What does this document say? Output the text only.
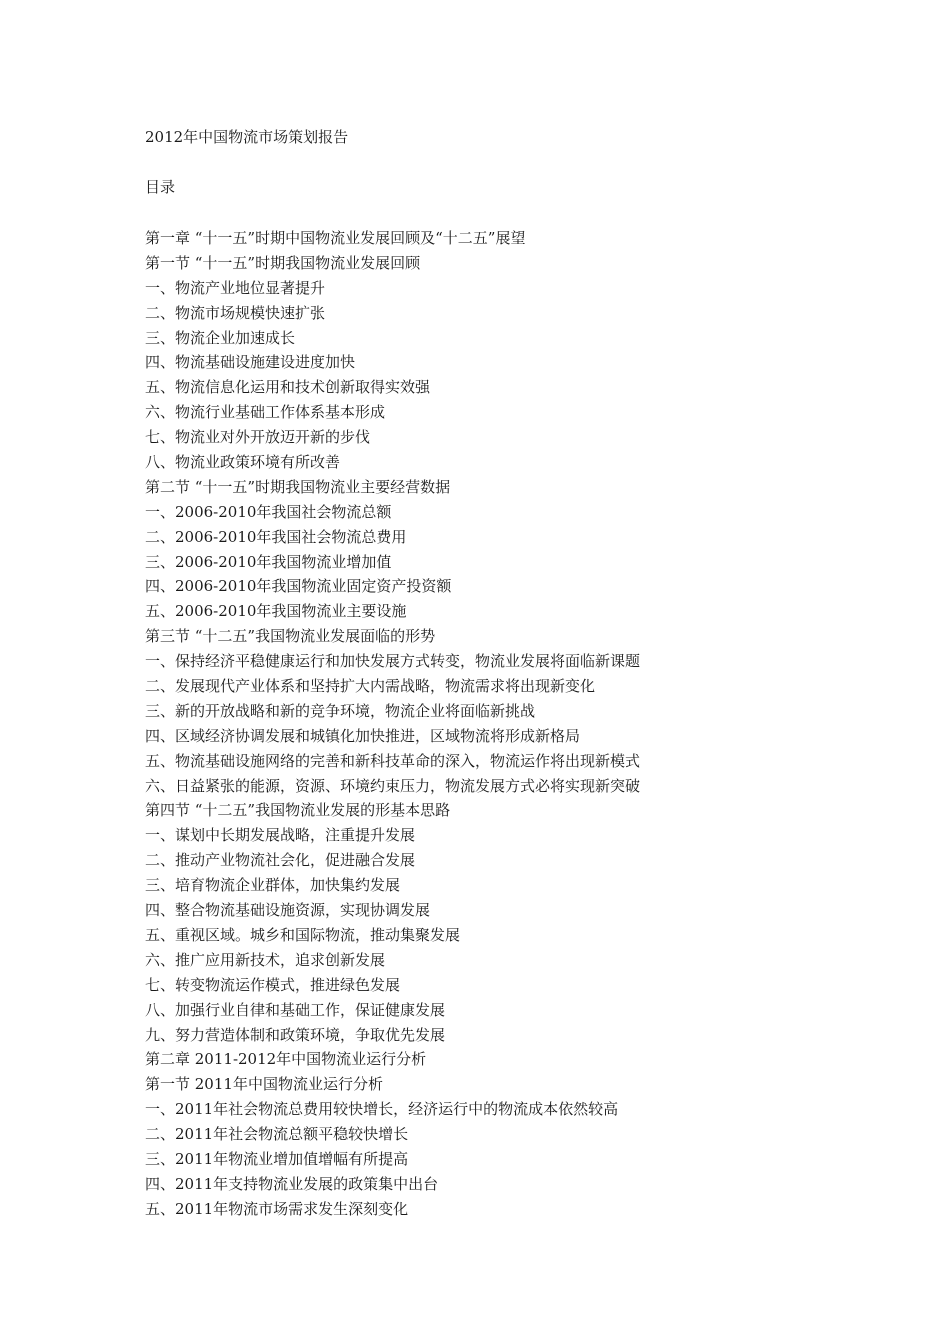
2012年中国物流市场策划报告
目录
第一章 “十一五”时期中国物流业发展回顾及“十二五”展望
第一节 “十一五”时期我国物流业发展回顾
一、物流产业地位显著提升
二、物流市场规模快速扩张
三、物流企业加速成长
四、物流基础设施建设进度加快
五、物流信息化运用和技术创新取得实效强
六、物流行业基础工作体系基本形成
七、物流业对外开放迈开新的步伐
八、物流业政策环境有所改善
第二节 “十一五”时期我国物流业主要经营数据
一、2006-2010年我国社会物流总额
二、2006-2010年我国社会物流总费用
三、2006-2010年我国物流业增加值
四、2006-2010年我国物流业固定资产投资额
五、2006-2010年我国物流业主要设施
第三节 “十二五”我国物流业发展面临的形势
一、保持经济平稳健康运行和加快发展方式转变，物流业发展将面临新课题
二、发展现代产业体系和坚持扩大内需战略，物流需求将出现新变化
三、新的开放战略和新的竞争环境，物流企业将面临新挑战
四、区域经济协调发展和城镇化加快推进，区域物流将形成新格局
五、物流基础设施网络的完善和新科技革命的深入，物流运作将出现新模式
六、日益紧张的能源，资源、环境约束压力，物流发展方式必将实现新突破
第四节 “十二五”我国物流业发展的形基本思路
一、谋划中长期发展战略，注重提升发展
二、推动产业物流社会化，促进融合发展
三、培育物流企业群体，加快集约发展
四、整合物流基础设施资源，实现协调发展
五、重视区域。城乡和国际物流，推动集聚发展
六、推广应用新技术，追求创新发展
七、转变物流运作模式，推进绿色发展
八、加强行业自律和基础工作，保证健康发展
九、努力营造体制和政策环境，争取优先发展
第二章 2011-2012年中国物流业运行分析
第一节 2011年中国物流业运行分析
一、2011年社会物流总费用较快增长，经济运行中的物流成本依然较高
二、2011年社会物流总额平稳较快增长
三、2011年物流业增加值增幅有所提高
四、2011年支持物流业发展的政策集中出台
五、2011年物流市场需求发生深刻变化
